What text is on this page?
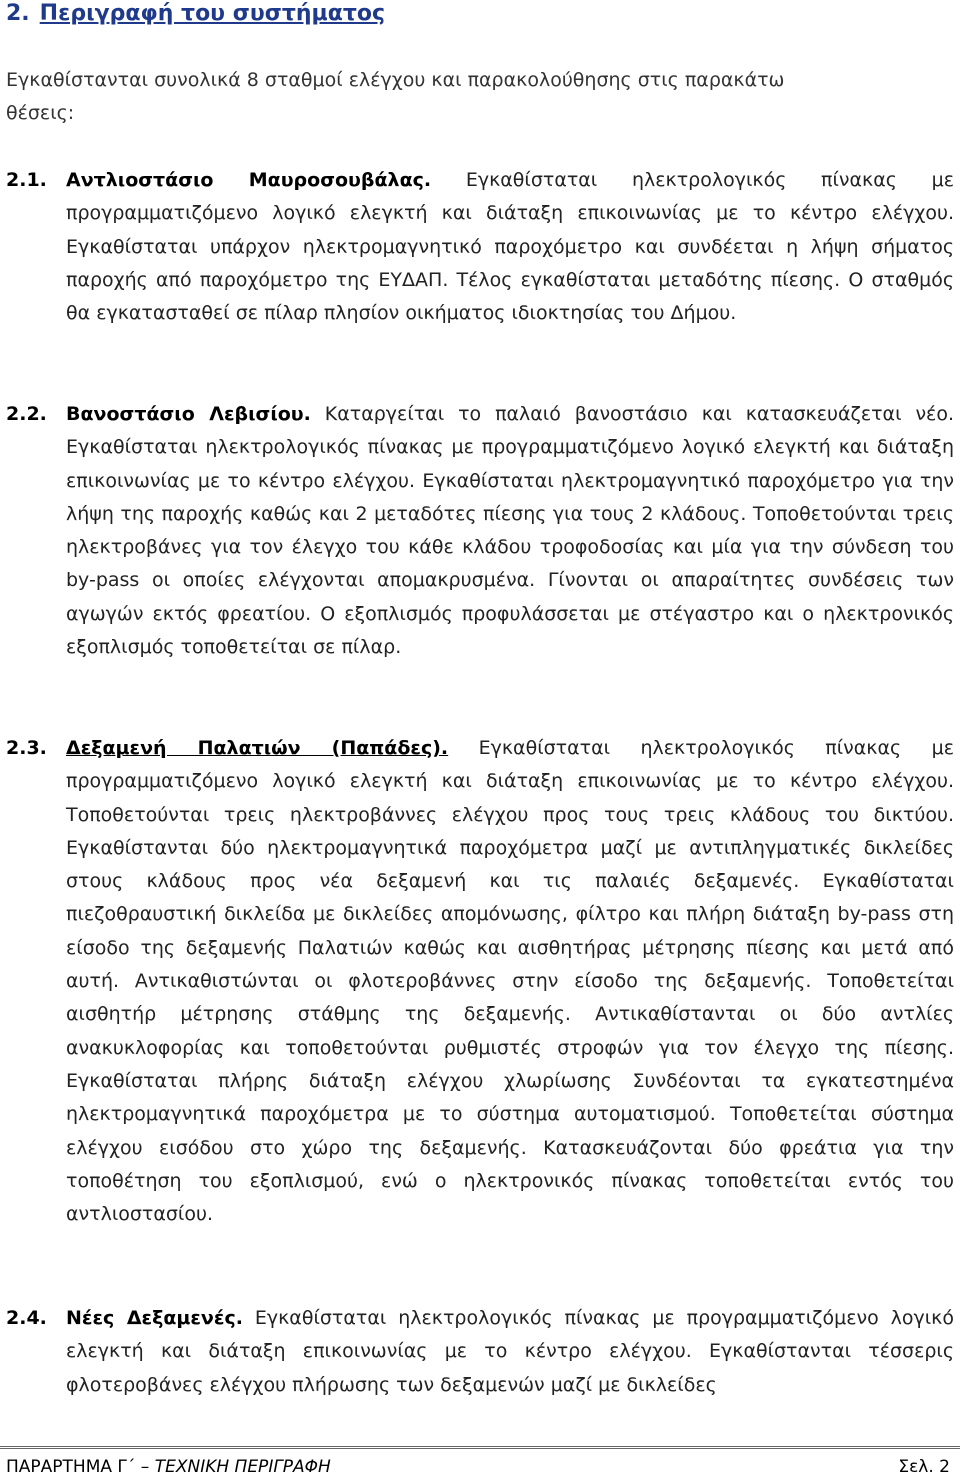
2. Περιγραφή του συστήματος
Εγκαθίστανται συνολικά 8 σταθμοί ελέγχου και παρακολούθησης στις παρακάτω θέσεις:

2.1. Αντλιοστάσιο Μαυροσουβάλας. Εγκαθίσταται ηλεκτρολογικός πίνακας με προγραμματιζόμενο λογικό ελεγκτή και διάταξη επικοινωνίας με το κέντρο ελέγχου. Εγκαθίσταται υπάρχον ηλεκτρομαγνητικό παροχόμετρο και συνδέεται η λήψη σήματος παροχής από παροχόμετρο της ΕΥΔΑΠ. Τέλος εγκαθίσταται μεταδότης πίεσης. Ο σταθμός θα εγκατασταθεί σε πίλαρ πλησίον οικήματος ιδιοκτησίας του Δήμου.

2.2. Βανοστάσιο Λεβισίου. Καταργείται το παλαιό βανοστάσιο και κατασκευάζεται νέο. Εγκαθίσταται ηλεκτρολογικός πίνακας με προγραμματιζόμενο λογικό ελεγκτή και διάταξη επικοινωνίας με το κέντρο ελέγχου. Εγκαθίσταται ηλεκτρομαγνητικό παροχόμετρο για την λήψη της παροχής καθώς και 2 μεταδότες πίεσης για τους 2 κλάδους. Τοποθετούνται τρεις ηλεκτροβάνες για τον έλεγχο του κάθε κλάδου τροφοδοσίας και μία για την σύνδεση του by-pass οι οποίες ελέγχονται απομακρυσμένα. Γίνονται οι απαραίτητες συνδέσεις των αγωγών εκτός φρεατίου. Ο εξοπλισμός προφυλάσσεται με στέγαστρο και ο ηλεκτρονικός εξοπλισμός τοποθετείται σε πίλαρ.

2.3. Δεξαμενή Παλατιών (Παπάδες). Εγκαθίσταται ηλεκτρολογικός πίνακας με προγραμματιζόμενο λογικό ελεγκτή και διάταξη επικοινωνίας με το κέντρο ελέγχου. Τοποθετούνται τρεις ηλεκτροβάννες ελέγχου προς τους τρεις κλάδους του δικτύου. Εγκαθίστανται δύο ηλεκτρομαγνητικά παροχόμετρα μαζί με αντιπληγματικές δικλείδες στους κλάδους προς νέα δεξαμενή και τις παλαιές δεξαμενές. Εγκαθίσταται πιεζοθραυστική δικλείδα με δικλείδες απομόνωσης, φίλτρο και πλήρη διάταξη by-pass στη είσοδο της δεξαμενής Παλατιών καθώς και αισθητήρας μέτρησης πίεσης και μετά από αυτή. Αντικαθιστώνται οι φλοτεροβάννες στην είσοδο της δεξαμενής. Τοποθετείται αισθητήρ μέτρησης στάθμης της δεξαμενής. Αντικαθίστανται οι δύο αντλίες ανακυκλοφορίας και τοποθετούνται ρυθμιστές στροφών για τον έλεγχο της πίεσης. Εγκαθίσταται πλήρης διάταξη ελέγχου χλωρίωσης Συνδέονται τα εγκατεστημένα ηλεκτρομαγνητικά παροχόμετρα με το σύστημα αυτοματισμού. Τοποθετείται σύστημα ελέγχου εισόδου στο χώρο της δεξαμενής. Κατασκευάζονται δύο φρεάτια για την τοποθέτηση του εξοπλισμού, ενώ ο ηλεκτρονικός πίνακας τοποθετείται εντός του αντλιοστασίου.

2.4. Νέες Δεξαμενές. Εγκαθίσταται ηλεκτρολογικός πίνακας με προγραμματιζόμενο λογικό ελεγκτή και διάταξη επικοινωνίας με το κέντρο ελέγχου. Εγκαθίστανται τέσσερις φλοτεροβάνες ελέγχου πλήρωσης των δεξαμενών μαζί με δικλείδες

ΠΑΡΑΡΤΗΜΑ Γ΄ – ΤΕΧΝΙΚΗ ΠΕΡΙΓΡΑΦΗ	Σελ. 2
